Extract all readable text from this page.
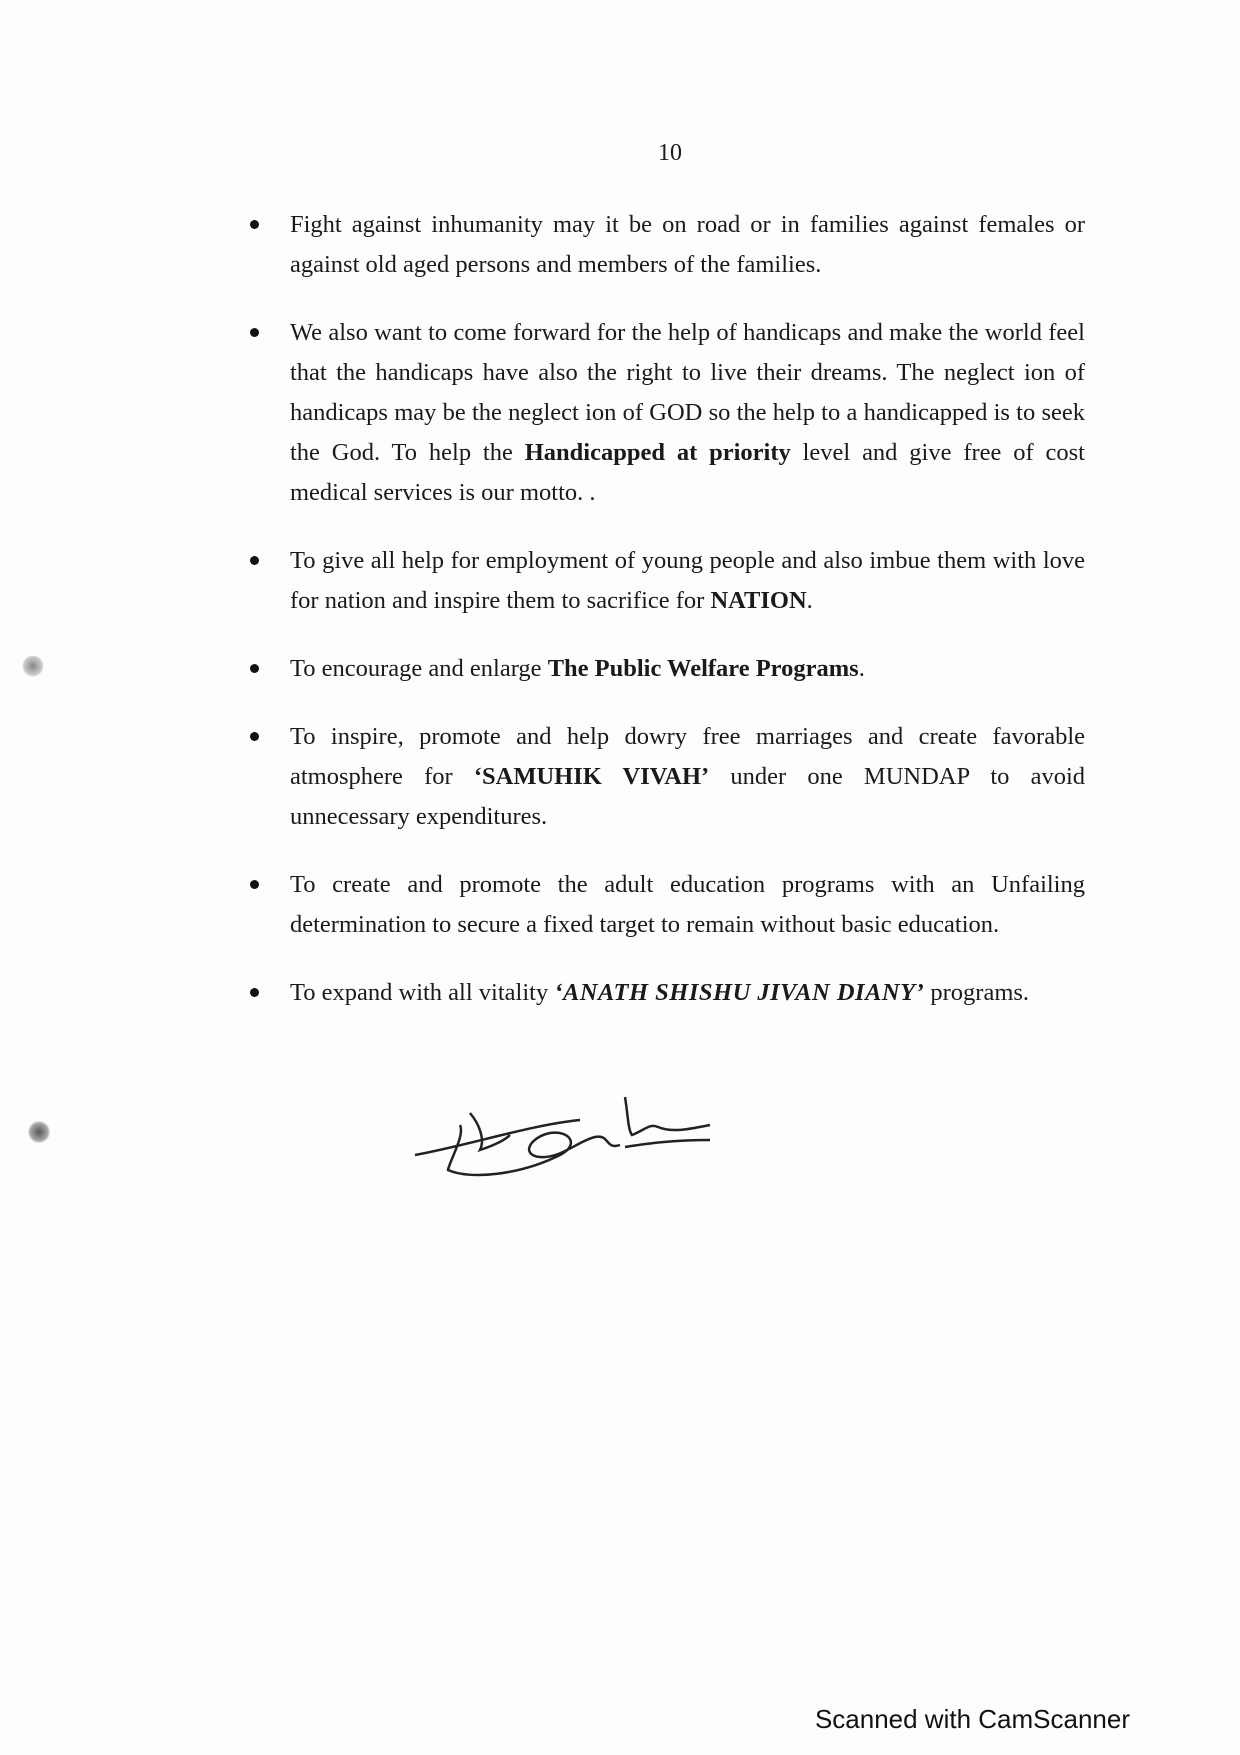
10
Fight against inhumanity may it be on road or in families against females or against old aged persons and members of the families.
We also want to come forward for the help of handicaps and make the world feel that the handicaps have also the right to live their dreams. The neglect ion of handicaps may be the neglect ion of GOD so the help to a handicapped is to seek the God. To help the Handicapped at priority level and give free of cost medical services is our motto. .
To give all help for employment of young people and also imbue them with love for nation and inspire them to sacrifice for NATION.
To encourage and enlarge The Public Welfare Programs.
To inspire, promote and help dowry free marriages and create favorable atmosphere for ‘SAMUHIK VIVAH’ under one MUNDAP to avoid unnecessary expenditures.
To create and promote the adult education programs with an Unfailing determination to secure a fixed target to remain without basic education.
To expand with all vitality ‘ANATH SHISHU JIVAN DIANY’ programs.
Scanned with CamScanner
